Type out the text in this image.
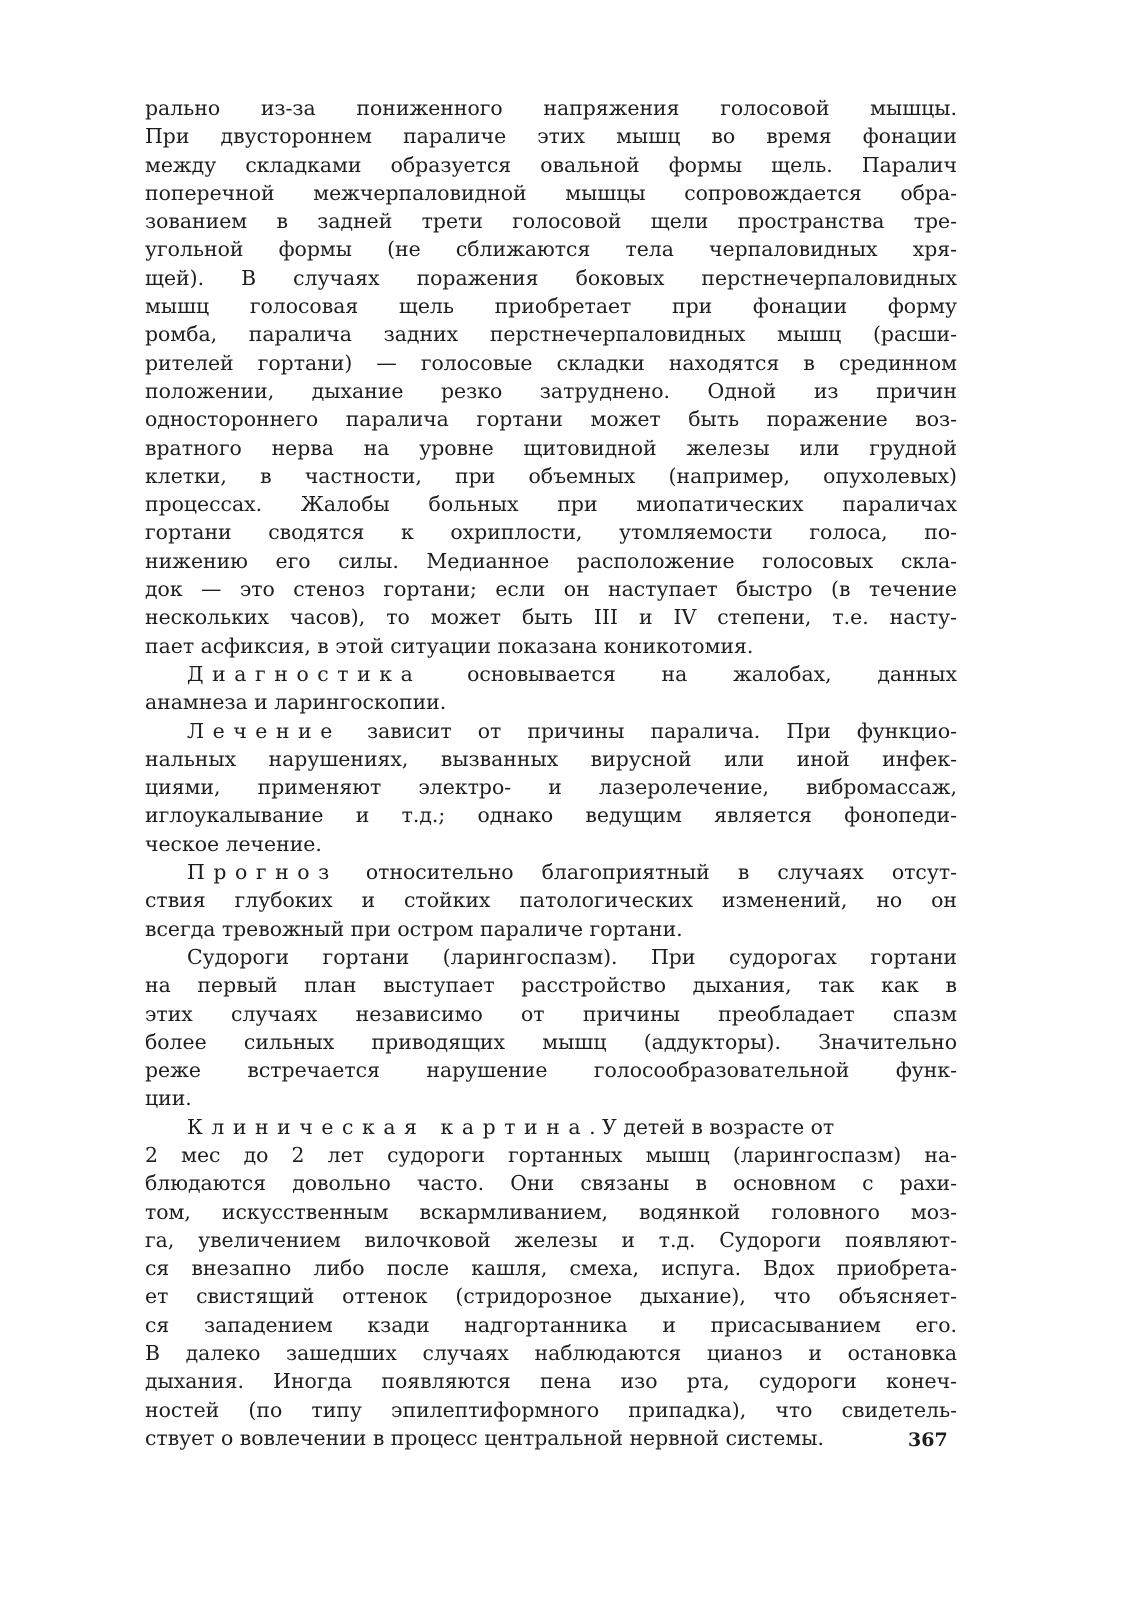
рально из-за пониженного напряжения голосовой мышцы.
При двустороннем параличе этих мышц во время фонации
между складками образуется овальной формы щель. Паралич
поперечной межчерпаловидной мышцы сопровождается обра-
зованием в задней трети голосовой щели пространства тре-
угольной формы (не сближаются тела черпаловидных хря-
щей). В случаях поражения боковых перстнечерпаловидных
мышц голосовая щель приобретает при фонации форму
ромба, паралича задних перстнечерпаловидных мышц (расши-
рителей гортани) — голосовые складки находятся в срединном
положении, дыхание резко затруднено. Одной из причин
одностороннего паралича гортани может быть поражение воз-
вратного нерва на уровне щитовидной железы или грудной
клетки, в частности, при объемных (например, опухолевых)
процессах. Жалобы больных при миопатических параличах
гортани сводятся к охриплости, утомляемости голоса, по-
нижению его силы. Медианное расположение голосовых скла-
док — это стеноз гортани; если он наступает быстро (в течение
нескольких часов), то может быть III и IV степени, т.е. насту-
пает асфиксия, в этой ситуации показана коникотомия.
Диагностика основывается на жалобах, данных
анамнеза и ларингоскопии.
Лечение зависит от причины паралича. При функцио-
нальных нарушениях, вызванных вирусной или иной инфек-
циями, применяют электро- и лазеролечение, вибромассаж,
иглоукалывание и т.д.; однако ведущим является фонопеди-
ческое лечение.
Прогноз относительно благоприятный в случаях отсут-
ствия глубоких и стойких патологических изменений, но он
всегда тревожный при остром параличе гортани.
Судороги гортани (ларингоспазм). При судорогах гортани
на первый план выступает расстройство дыхания, так как в
этих случаях независимо от причины преобладает спазм
более сильных приводящих мышц (аддукторы). Значительно
реже встречается нарушение голосообразовательной функ-
ции.
Клиническая картина. У детей в возрасте от
2 мес до 2 лет судороги гортанных мышц (ларингоспазм) на-
блюдаются довольно часто. Они связаны в основном с рахи-
том, искусственным вскармливанием, водянкой головного моз-
га, увеличением вилочковой железы и т.д. Судороги появляют-
ся внезапно либо после кашля, смеха, испуга. Вдох приобрета-
ет свистящий оттенок (стридорозное дыхание), что объясняет-
ся западением кзади надгортанника и присасыванием его.
В далеко зашедших случаях наблюдаются цианоз и остановка
дыхания. Иногда появляются пена изо рта, судороги конеч-
ностей (по типу эпилептиформного припадка), что свидетель-
ствует о вовлечении в процесс центральной нервной системы.	367
